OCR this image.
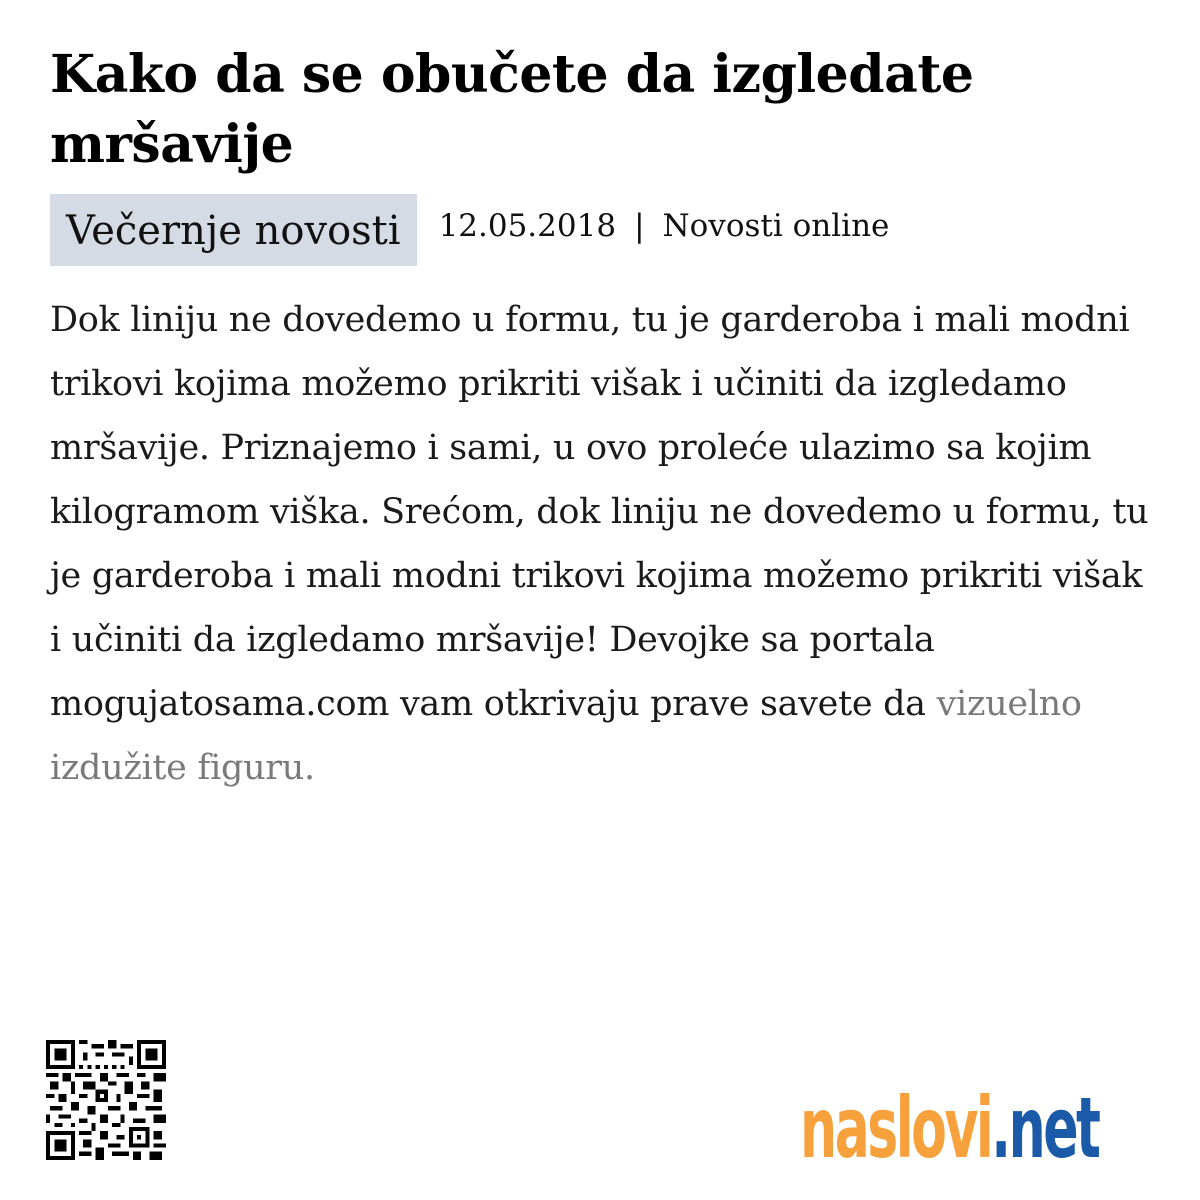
Kako da se obučete da izgledate mršavije
Večernje novosti	12.05.2018 | Novosti online
Dok liniju ne dovedemo u formu, tu je garderoba i mali modni trikovi kojima možemo prikriti višak i učiniti da izgledamo mršavije. Priznajemo i sami, u ovo proleće ulazimo sa kojim kilogramom viška. Srećom, dok liniju ne dovedemo u formu, tu je garderoba i mali modni trikovi kojima možemo prikriti višak i učiniti da izgledamo mršavije! Devojke sa portala mogujatosama.com vam otkrivaju prave savete da vizuelno izdužite figuru.
naslovi .net
